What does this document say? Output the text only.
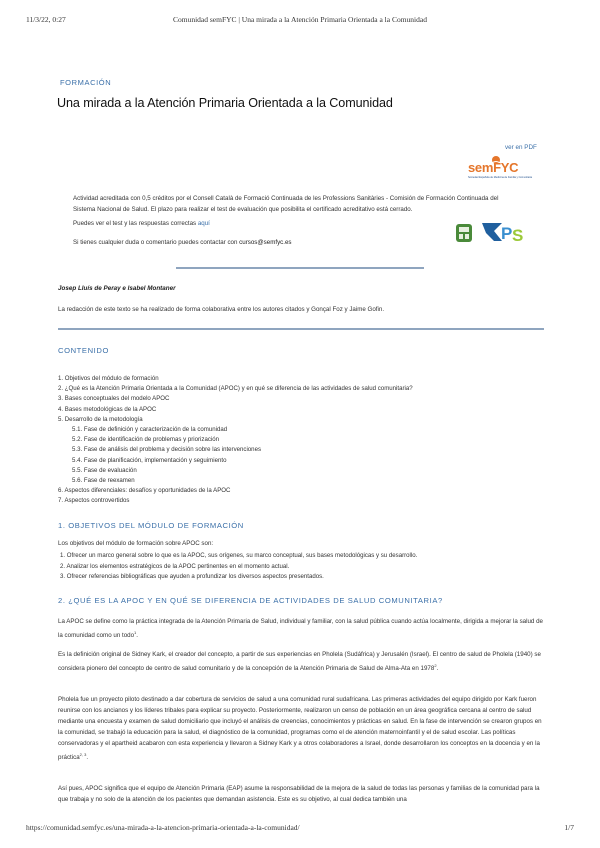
11/3/22, 0:27	Comunidad semFYC | Una mirada a la Atención Primaria Orientada a la Comunidad
FORMACIÓN
Una mirada a la Atención Primaria Orientada a la Comunidad
ver en PDF
semFYC
Sociedad Española de Medicina de Familia y Comunitaria
Actividad acreditada con 0,5 créditos por el Consell Català de Formació Continuada de les Professions Sanitàries - Comisión de Formación Continuada del Sistema Nacional de Salud. El plazo para realizar el test de evaluación que posibilita el certificado acreditativo está cerrado.
Puedes ver el test y las respuestas correctas aquí
Si tienes cualquier duda o comentario puedes contactar con cursos@semfyc.es	P S
Josep Lluís de Peray e Isabel Montaner
La redacción de este texto se ha realizado de forma colaborativa entre los autores citados y Gonçal Foz y Jaime Gofin.
CONTENIDO
1. Objetivos del módulo de formación
2. ¿Qué es la Atención Primaria Orientada a la Comunidad (APOC) y en qué se diferencia de las actividades de salud comunitaria?
3. Bases conceptuales del modelo APOC
4. Bases metodológicas de la APOC
5. Desarrollo de la metodología
5.1. Fase de definición y caracterización de la comunidad
5.2. Fase de identificación de problemas y priorización
5.3. Fase de análisis del problema y decisión sobre las intervenciones
5.4. Fase de planificación, implementación y seguimiento
5.5. Fase de evaluación
5.6. Fase de reexamen
6. Aspectos diferenciales: desafíos y oportunidades de la APOC
7. Aspectos controvertidos
1. OBJETIVOS DEL MÓDULO DE FORMACIÓN
Los objetivos del módulo de formación sobre APOC son:
1. Ofrecer un marco general sobre lo que es la APOC, sus orígenes, su marco conceptual, sus bases metodológicas y su desarrollo.
2. Analizar los elementos estratégicos de la APOC pertinentes en el momento actual.
3. Ofrecer referencias bibliográficas que ayuden a profundizar los diversos aspectos presentados.
2. ¿QUÉ ES LA APOC Y EN QUÉ SE DIFERENCIA DE ACTIVIDADES DE SALUD COMUNITARIA?
La APOC se define como la práctica integrada de la Atención Primaria de Salud, individual y familiar, con la salud pública cuando actúa localmente, dirigida a mejorar la salud de la comunidad como un todo$^1$.
Es la definición original de Sidney Kark, el creador del concepto, a partir de sus experiencias en Pholela (Sudáfrica) y Jerusalén (Israel). El centro de salud de Pholela (1940) se considera pionero del concepto de centro de salud comunitario y de la concepción de la Atención Primaria de Salud de Alma-Ata en 1978$^2$.
Pholela fue un proyecto piloto destinado a dar cobertura de servicios de salud a una comunidad rural sudafricana. Las primeras actividades del equipo dirigido por Kark fueron reunirse con los ancianos y los líderes tribales para explicar su proyecto. Posteriormente, realizaron un censo de población en un área geográfica cercana al centro de salud mediante una encuesta y examen de salud domiciliario que incluyó el análisis de creencias, conocimientos y prácticas en salud. En la fase de intervención se crearon grupos en la comunidad, se trabajó la educación para la salud, el diagnóstico de la comunidad, programas como el de atención maternoinfantil y el de salud escolar. Las políticas conservadoras y el apartheid acabaron con esta experiencia y llevaron a Sidney Kark y a otros colaboradores a Israel, donde desarrollaron los conceptos en la docencia y en la práctica$^{2, 3}$.
Así pues, APOC significa que el equipo de Atención Primaria (EAP) asume la responsabilidad de la mejora de la salud de todas las personas y familias de la comunidad para la que trabaja y no solo de la atención de los pacientes que demandan asistencia. Este es su objetivo, al cual dedica también una
https://comunidad.semfyc.es/una-mirada-a-la-atencion-primaria-orientada-a-la-comunidad/	1/7
